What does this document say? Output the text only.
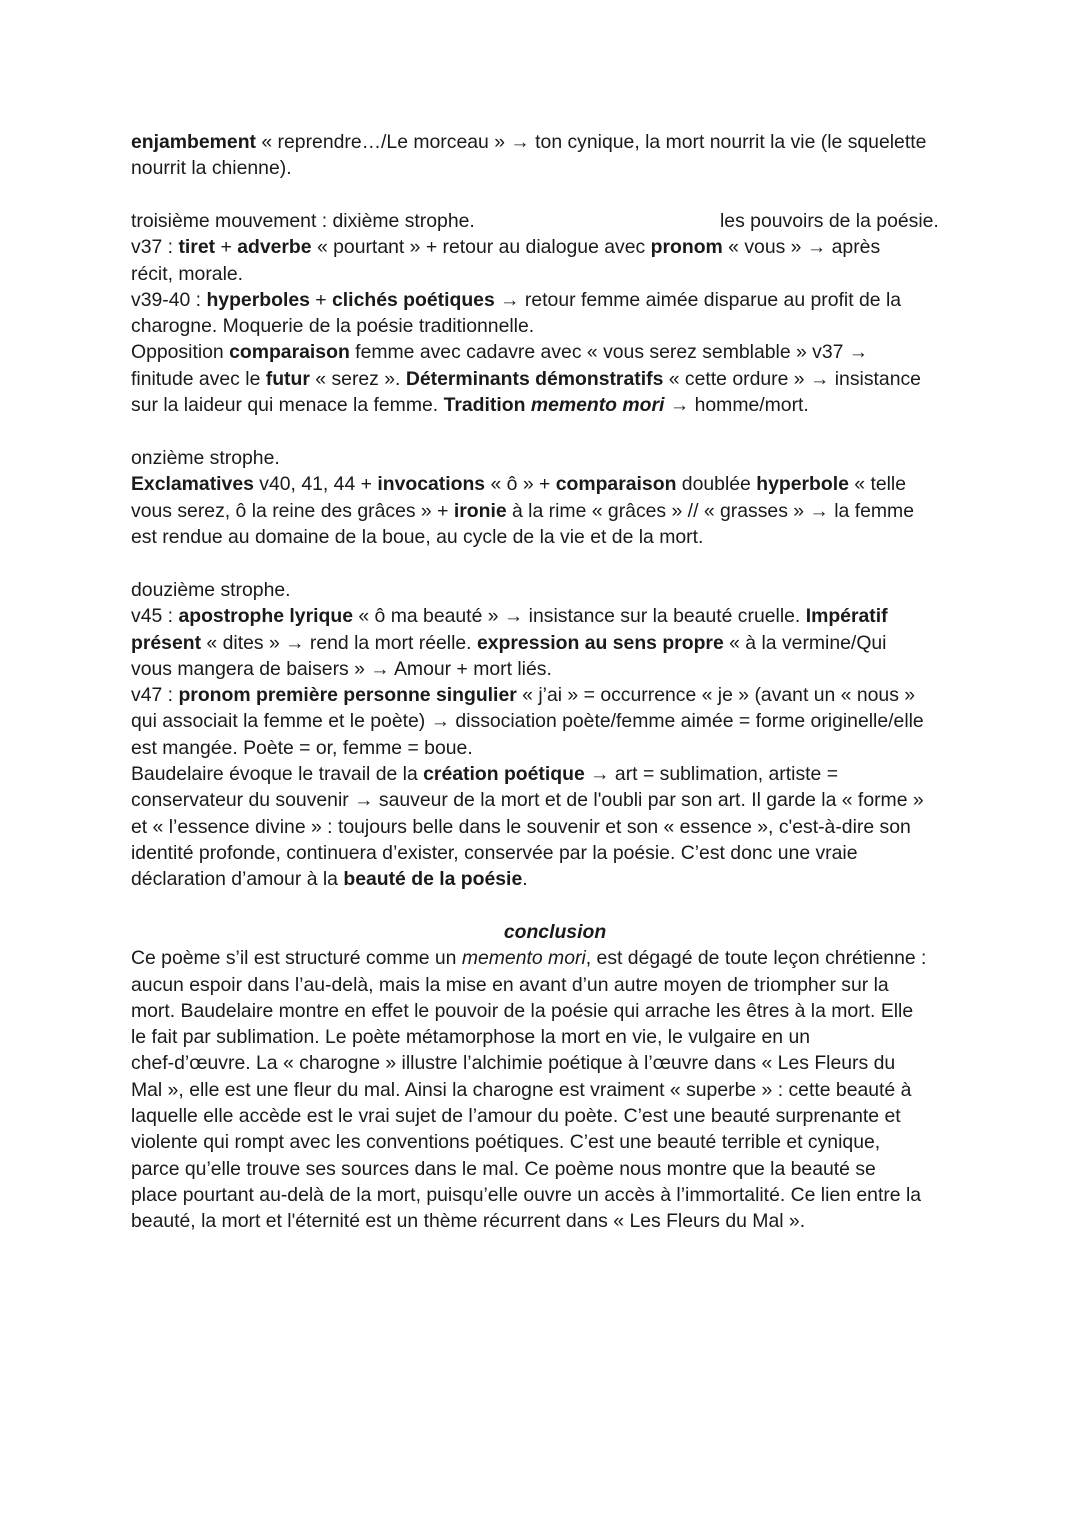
enjambement « reprendre…/Le morceau » → ton cynique, la mort nourrit la vie (le squelette
nourrit la chienne).
les pouvoirs de la poésie.
troisième mouvement : dixième strophe.
v37 : tiret + adverbe « pourtant » + retour au dialogue avec pronom « vous » → après
récit, morale.
v39-40 : hyperboles + clichés poétiques → retour femme aimée disparue au profit de la
charogne. Moquerie de la poésie traditionnelle.
Opposition comparaison femme avec cadavre avec « vous serez semblable » v37 →
finitude avec le futur « serez ». Déterminants démonstratifs « cette ordure » → insistance
sur la laideur qui menace la femme. Tradition memento mori → homme/mort.
onzième strophe.
Exclamatives v40, 41, 44 + invocations « ô » + comparaison doublée hyperbole « telle
vous serez, ô la reine des grâces » + ironie à la rime « grâces » // « grasses » → la femme
est rendue au domaine de la boue, au cycle de la vie et de la mort.
douzième strophe.
v45 : apostrophe lyrique « ô ma beauté » → insistance sur la beauté cruelle. Impératif
présent « dites » → rend la mort réelle. expression au sens propre « à la vermine/Qui
vous mangera de baisers » → Amour + mort liés.
v47 : pronom première personne singulier « j’ai » = occurrence « je » (avant un « nous »
qui associait la femme et le poète) → dissociation poète/femme aimée = forme originelle/elle
est mangée. Poète = or, femme = boue.
Baudelaire évoque le travail de la création poétique → art = sublimation, artiste =
conservateur du souvenir → sauveur de la mort et de l'oubli par son art. Il garde la « forme »
et « l’essence divine » : toujours belle dans le souvenir et son « essence », c'est-à-dire son
identité profonde, continuera d’exister, conservée par la poésie. C’est donc une vraie
déclaration d’amour à la beauté de la poésie.
conclusion
Ce poème s’il est structuré comme un memento mori, est dégagé de toute leçon chrétienne :
aucun espoir dans l’au-delà, mais la mise en avant d’un autre moyen de triompher sur la
mort. Baudelaire montre en effet le pouvoir de la poésie qui arrache les êtres à la mort. Elle
le fait par sublimation. Le poète métamorphose la mort en vie, le vulgaire en un
chef-d’œuvre. La « charogne » illustre l’alchimie poétique à l’œuvre dans « Les Fleurs du
Mal », elle est une fleur du mal. Ainsi la charogne est vraiment « superbe » : cette beauté à
laquelle elle accède est le vrai sujet de l’amour du poète. C’est une beauté surprenante et
violente qui rompt avec les conventions poétiques. C’est une beauté terrible et cynique,
parce qu’elle trouve ses sources dans le mal. Ce poème nous montre que la beauté se
place pourtant au-delà de la mort, puisqu’elle ouvre un accès à l’immortalité. Ce lien entre la
beauté, la mort et l'éternité est un thème récurrent dans « Les Fleurs du Mal ».
